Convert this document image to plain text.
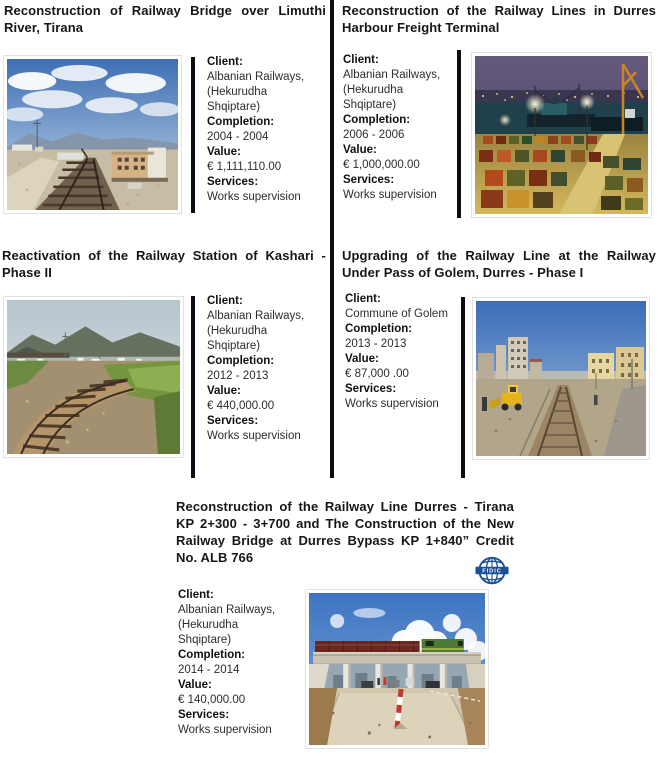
Reconstruction of Railway Bridge over Limuthi River, Tirana
Client:
Albanian Railways,
(Hekurudha
Shqiptare)
Completion:
2004 - 2004
Value:
€ 1,111,110.00
Services:
Works supervision
Reconstruction of the Railway Lines in Durres Harbour Freight Terminal
Client:
Albanian Railways,
(Hekurudha
Shqiptare)
Completion:
2006 - 2006
Value:
€ 1,000,000.00
Services:
Works supervision
Reactivation of the Railway Station of Kashari - Phase II
Client:
Albanian Railways,
(Hekurudha
Shqiptare)
Completion:
2012 - 2013
Value:
€ 440,000.00
Services:
Works supervision
Upgrading of the Railway Line at the Railway Under Pass of Golem, Durres - Phase I
Client:
Commune of Golem
Completion:
2013 - 2013
Value:
€ 87,000 .00
Services:
Works supervision
Reconstruction of the Railway Line Durres - Tirana KP 2+300 - 3+700 and The Construction of the New Railway Bridge at Durres Bypass KP 1+840” Credit No. ALB 766
FIDIC
Client:
Albanian Railways,
(Hekurudha
Shqiptare)
Completion:
2014 - 2014
Value:
€ 140,000.00
Services:
Works supervision
